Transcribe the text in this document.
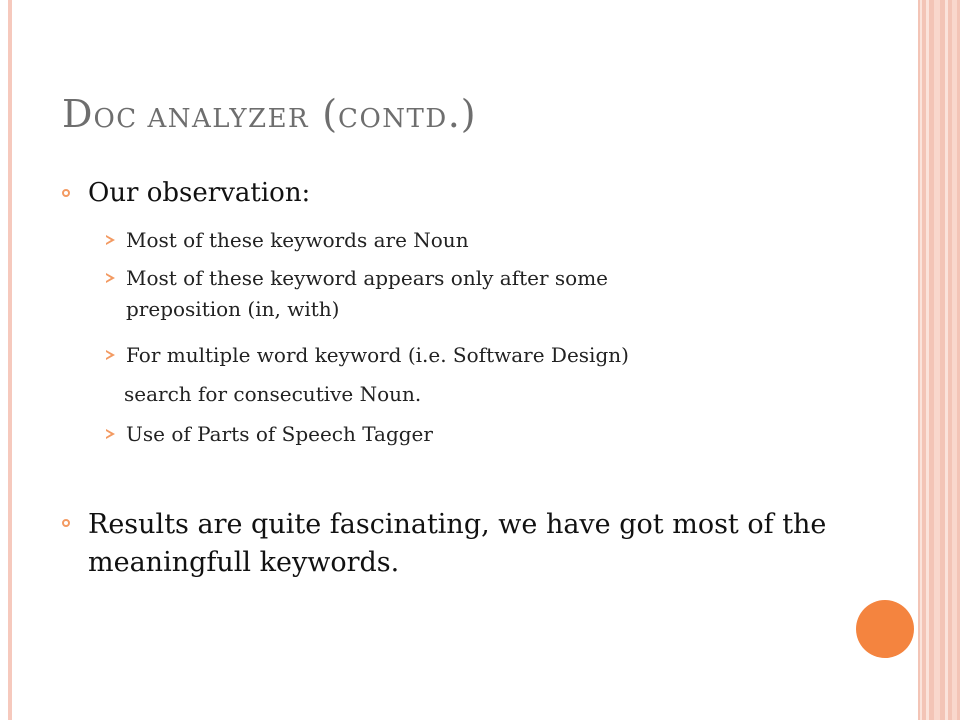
DOC ANALYZER (CONTD.)
Our observation:
Most of these keywords are Noun
Most of these keyword appears only after some
preposition (in, with)
For multiple word keyword (i.e. Software Design)
search for consecutive Noun.
Use of Parts of Speech Tagger
Results are quite fascinating, we have got most of the meaningfull keywords.
